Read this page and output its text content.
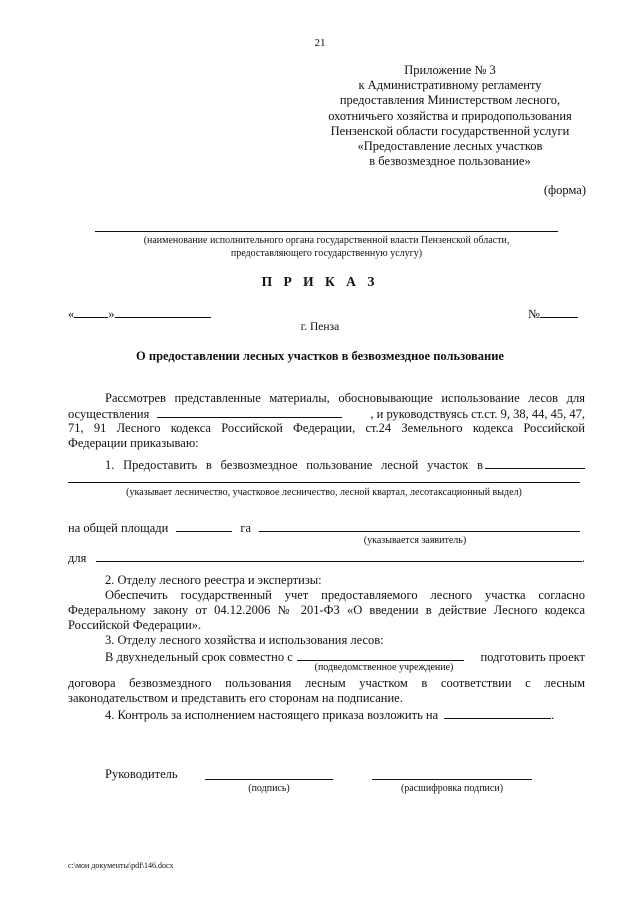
21
Приложение № 3
к Административному регламенту
предоставления Министерством лесного,
охотничьего хозяйства и природопользования
Пензенской области государственной услуги
«Предоставление лесных участков
в безвозмездное пользование»
(форма)
(наименование исполнительного органа государственной власти Пензенской области,
предоставляющего государственную услугу)
П Р И К А З
«	»	№
г. Пенза
О предоставлении лесных участков в безвозмездное пользование
Рассмотрев представленные материалы, обосновывающие использование лесов для
осуществления	, и руководствуясь ст.ст. 9, 38, 44, 45, 47,
71, 91 Лесного кодекса Российской Федерации, ст.24 Земельного кодекса Российской
Федерации приказываю:
1. Предоставить в безвозмездное пользование лесной участок в
(указывает лесничество, участковое лесничество, лесной квартал, лесотаксационный выдел)
на общей площади	га
(указывается заявитель)
для	.
2. Отделу лесного реестра и экспертизы:
Обеспечить государственный учет предоставляемого лесного участка согласно
Федеральному закону от 04.12.2006 № 201-ФЗ «О введении в действие Лесного кодекса
Российской Федерации».
3. Отделу лесного хозяйства и использования лесов:
В двухнедельный срок совместно с	подготовить проект
(подведомственное учреждение)
договора безвозмездного пользования лесным участком в соответствии с лесным
законодательством и представить его сторонам на подписание.
4. Контроль за исполнением настоящего приказа возложить на	.
Руководитель
(подпись)	(расшифровка подписи)
c:\мои документы\pdf\146.docx
